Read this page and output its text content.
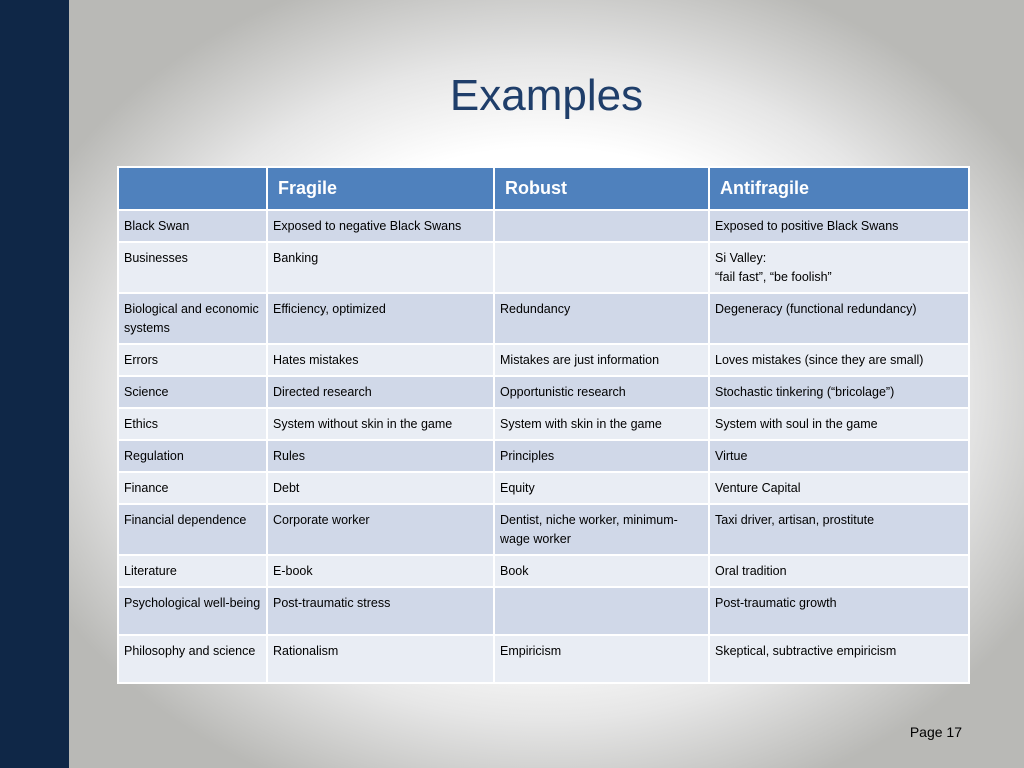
Examples
	Fragile	Robust	Antifragile
Black Swan	Exposed to negative Black Swans		Exposed to positive Black Swans
Businesses	Banking		Si Valley:
“fail fast”, “be foolish”
Biological and economic systems	Efficiency, optimized	Redundancy	Degeneracy (functional redundancy)
Errors	Hates mistakes	Mistakes are just information	Loves mistakes (since they are small)
Science	Directed research	Opportunistic research	Stochastic tinkering (“bricolage”)
Ethics	System without skin in the game	System with skin in the game	System with soul in the game
Regulation	Rules	Principles	Virtue
Finance	Debt	Equity	Venture Capital
Financial dependence	Corporate worker	Dentist, niche worker, minimum-wage worker	Taxi driver, artisan, prostitute
Literature	E-book	Book	Oral tradition
Psychological well-being	Post-traumatic stress		Post-traumatic growth
Philosophy and science	Rationalism	Empiricism	Skeptical, subtractive empiricism
Page 17
